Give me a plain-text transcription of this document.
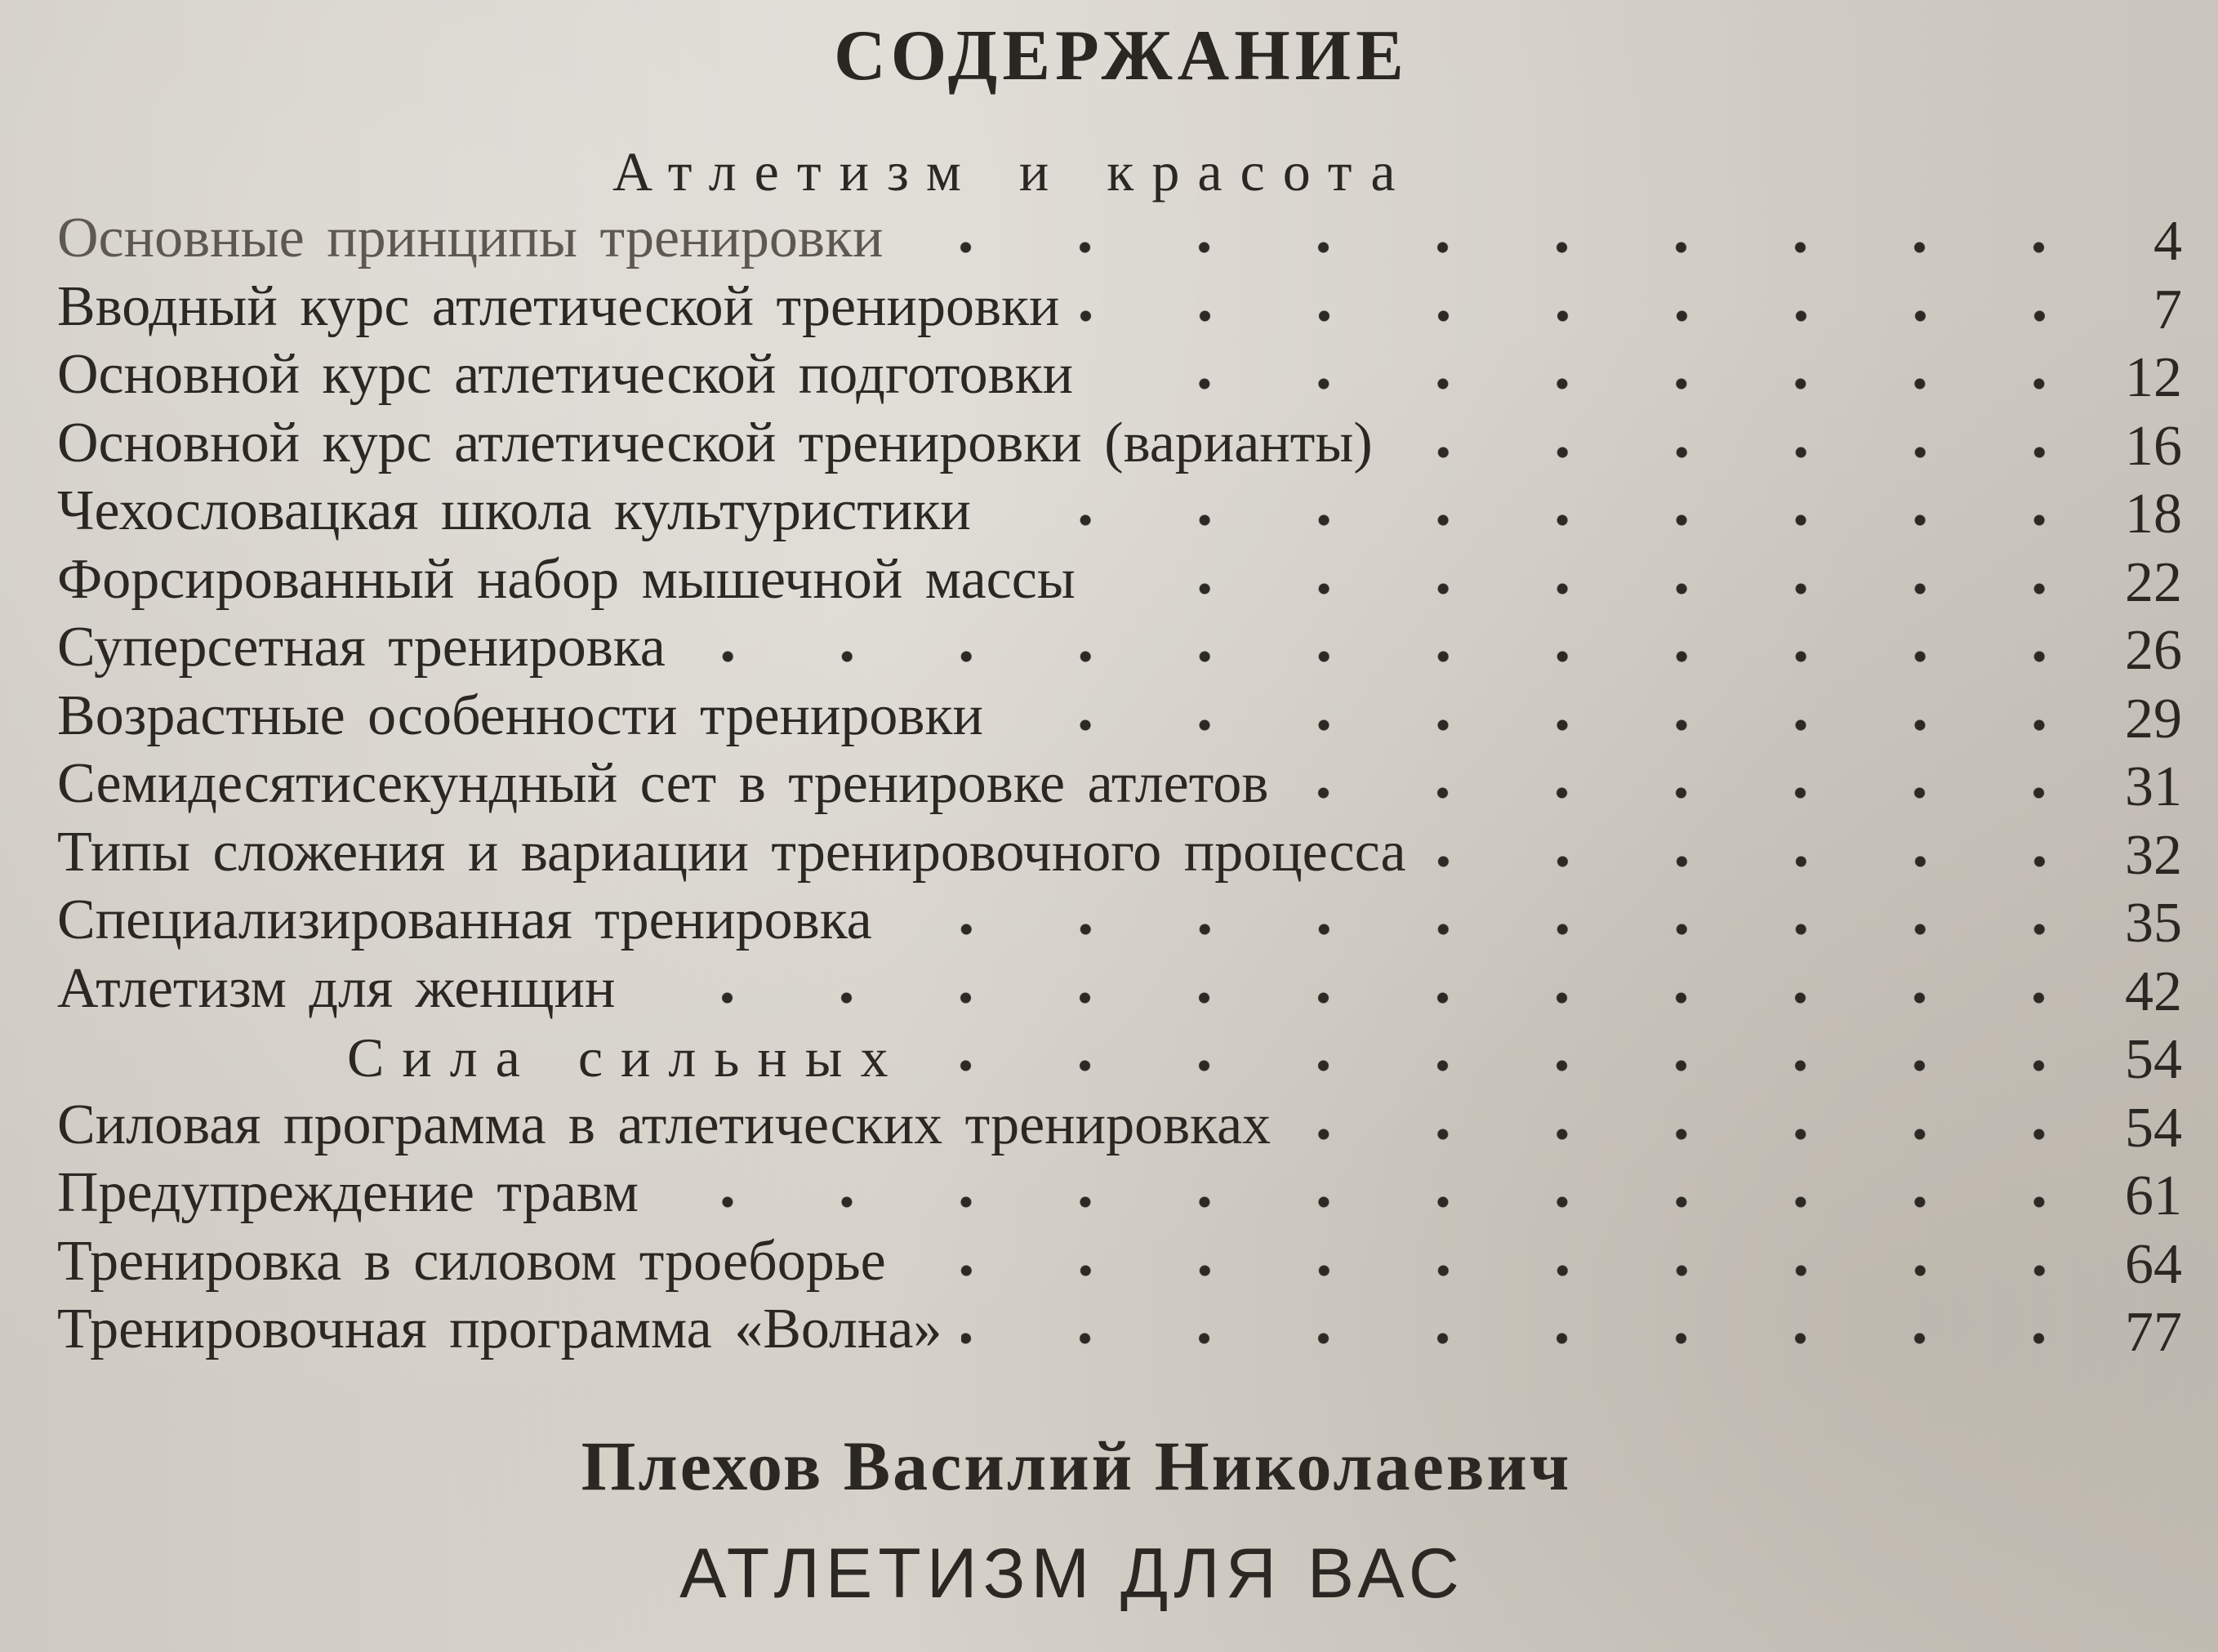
СОДЕРЖАНИЕ
Атлетизм и красота
Основные принципы тренировки	4
Вводный курс атлетической тренировки	7
Основной курс атлетической подготовки	12
Основной курс атлетической тренировки (варианты)	16
Чехословацкая школа культуристики	18
Форсированный набор мышечной массы	22
Суперсетная тренировка	26
Возрастные особенности тренировки	29
Семидесятисекундный сет в тренировке атлетов	31
Типы сложения и вариации тренировочного процесса	32
Специализированная тренировка	35
Атлетизм для женщин	42
Сила сильных	54
Силовая программа в атлетических тренировках	54
Предупреждение травм	61
Тренировка в силовом троеборье	64
Тренировочная программа «Волна»	77
Плехов Василий Николаевич
АТЛЕТИЗМ ДЛЯ ВАС
